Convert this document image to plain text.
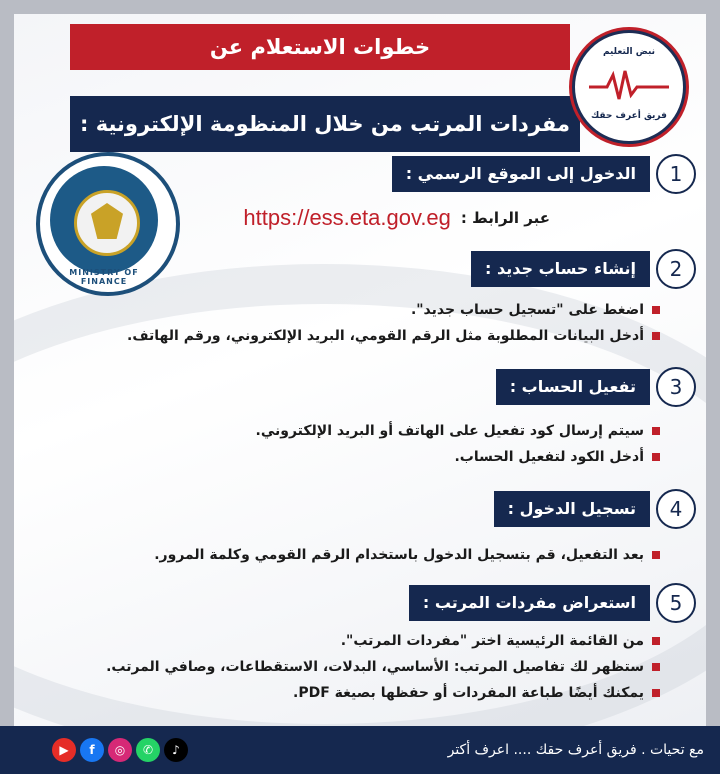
خطوات الاستعلام عن
مفردات المرتب من خلال المنظومة الإلكترونية :
نبض التعليم
فريق أعرف حقك
MINISTRY OF FINANCE
1
الدخول إلى الموقع الرسمي :
عبر الرابط :
https://ess.eta.gov.eg
2
إنشاء حساب جديد :
اضغط على "تسجيل حساب جديد".
أدخل البيانات المطلوبة مثل الرقم القومي، البريد الإلكتروني، ورقم الهاتف.
3
تفعيل الحساب :
سيتم إرسال كود تفعيل على الهاتف أو البريد الإلكتروني.
أدخل الكود لتفعيل الحساب.
4
تسجيل الدخول :
بعد التفعيل، قم بتسجيل الدخول باستخدام الرقم القومي وكلمة المرور.
5
استعراض مفردات المرتب :
من القائمة الرئيسية اختر "مفردات المرتب".
ستظهر لك تفاصيل المرتب: الأساسي، البدلات، الاستقطاعات، وصافي المرتب.
يمكنك أيضًا طباعة المفردات أو حفظها بصيغة PDF.
▶	f	◎	✆	♪	مع تحيات . فريق أعرف حقك .... اعرف أكتر
